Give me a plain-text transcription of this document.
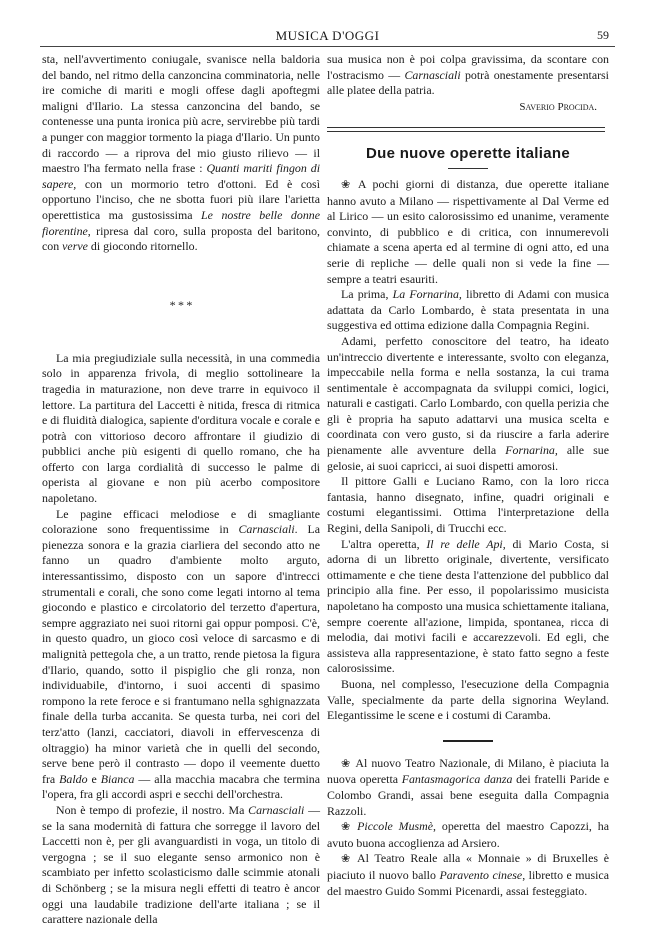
MUSICA D'OGGI	59

sta, nell'avvertimento coniugale, svanisce nella baldoria del bando, nel ritmo della canzoncina comminatoria, nelle ire comiche di mariti e mogli offese dagli apoftegmi maligni d'Ilario. La stessa canzoncina del bando, se contenesse una punta ironica più acre, servirebbe più tardi a punger con maggior tormento la piaga d'Ilario. Un punto di raccordo — a riprova del mio giusto rilievo — il maestro l'ha fermato nella frase : Quanti mariti fingon di sapere, con un mormorio tetro d'ottoni. Ed è così opportuno l'inciso, che ne sbotta fuori più ilare l'arietta operettistica ma gustosissima Le nostre belle donne fiorentine, ripresa dal coro, sulla proposta del baritono, con verve di giocondo ritornello.

* * *

La mia pregiudiziale sulla necessità, in una commedia solo in apparenza frivola, di meglio sottolineare la tragedia in maturazione, non deve trarre in equivoco il lettore. La partitura del Laccetti è nitida, fresca di ritmica e di fluidità dialogica, sapiente d'orditura vocale e corale e potrà con vittorioso decoro affrontare il giudizio di pubblici anche più esigenti di quello romano, che ha offerto con larga cordialità di successo le palme di operista al giovane e non più acerbo compositore napoletano.

Le pagine efficaci melodiose e di smagliante colorazione sono frequentissime in Carnasciali. La pienezza sonora e la grazia ciarliera del secondo atto ne fanno un quadro d'ambiente molto arguto, interessantissimo, disposto con un sapore d'intrecci strumentali e corali, che sono come legati intorno al tema giocondo e plastico e circolatorio del terzetto d'apertura, sempre aggraziato nei suoi ritorni gai oppur pomposi. C'è, in questo quadro, un gioco così veloce di sarcasmo e di malignità pettegola che, a un tratto, rende pietosa la figura d'Ilario, quando, sotto il pispiglio che gli ronza, non individuabile, d'intorno, i suoi accenti di spasimo rompono la rete feroce e si frantumano nella sghignazzata finale della turba accanita. Se questa turba, nei cori del terz'atto (lanzi, cacciatori, diavoli in effervescenza di oltraggio) ha minor varietà che in quelli del secondo, serve bene però il contrasto — dopo il veemente duetto fra Baldo e Bianca — alla macchia macabra che termina l'opera, fra gli accordi aspri e secchi dell'orchestra.

Non è tempo di profezie, il nostro. Ma Carnasciali — se la sana modernità di fattura che sorregge il lavoro del Laccetti non è, per gli avanguardisti in voga, un titolo di vergogna ; se il suo elegante senso armonico non è scambiato per infetto scolasticismo dalle scimmie atonali di Schönberg ; se la misura negli effetti di teatro è ancor oggi una laudabile tradizione dell'arte italiana ; se il carattere nazionale della

sua musica non è poi colpa gravissima, da scontare con l'ostracismo — Carnasciali potrà onestamente presentarsi alle platee della patria.

Saverio Procida.
Due nuove operette italiane

❀ A pochi giorni di distanza, due operette italiane hanno avuto a Milano — rispettivamente al Dal Verme ed al Lirico — un esito calorosissimo ed unanime, veramente convinto, di pubblico e di critica, con innumerevoli chiamate a scena aperta ed al termine di ogni atto, ed una serie di repliche — delle quali non si vede la fine — sempre a teatri esauriti.

La prima, La Fornarina, libretto di Adami con musica adattata da Carlo Lombardo, è stata presentata in una suggestiva ed ottima edizione dalla Compagnia Regini.

Adami, perfetto conoscitore del teatro, ha ideato un'intreccio divertente e interessante, svolto con eleganza, impeccabile nella forma e nella sostanza, la cui trama sentimentale è accompagnata da sviluppi comici, logici, naturali e castigati. Carlo Lombardo, con quella perizia che gli è propria ha saputo adattarvi una musica scelta e coordinata con vero gusto, si da riuscire a farla aderire pienamente alle avventure della Fornarina, alle sue gelosie, ai suoi capricci, ai suoi dispetti amorosi.

Il pittore Galli e Luciano Ramo, con la loro ricca fantasia, hanno disegnato, infine, quadri originali e costumi elegantissimi. Ottima l'interpretazione della Regini, della Sanipoli, di Trucchi ecc.

L'altra operetta, Il re delle Api, di Mario Costa, si adorna di un libretto originale, divertente, versificato ottimamente e che tiene desta l'attenzione del pubblico dal principio alla fine. Per esso, il popolarissimo musicista napoletano ha composto una musica schiettamente italiana, sempre coerente all'azione, limpida, spontanea, ricca di melodia, dai motivi facili e accarezzevoli. Ed egli, che assisteva alla rappresentazione, è stato fatto segno a feste calorosissime.

Buona, nel complesso, l'esecuzione della Compagnia Valle, specialmente da parte della signorina Weyland. Elegantissime le scene e i costumi di Caramba.

❀ Al nuovo Teatro Nazionale, di Milano, è piaciuta la nuova operetta Fantasmagorica danza dei fratelli Paride e Colombo Grandi, assai bene eseguita dalla Compagnia Razzoli.

❀ Piccole Musmè, operetta del maestro Capozzi, ha avuto buona accoglienza ad Arsiero.

❀ Al Teatro Reale alla « Monnaie » di Bruxelles è piaciuto il nuovo ballo Paravento cinese, libretto e musica del maestro Guido Sommi Picenardi, assai festeggiato.
